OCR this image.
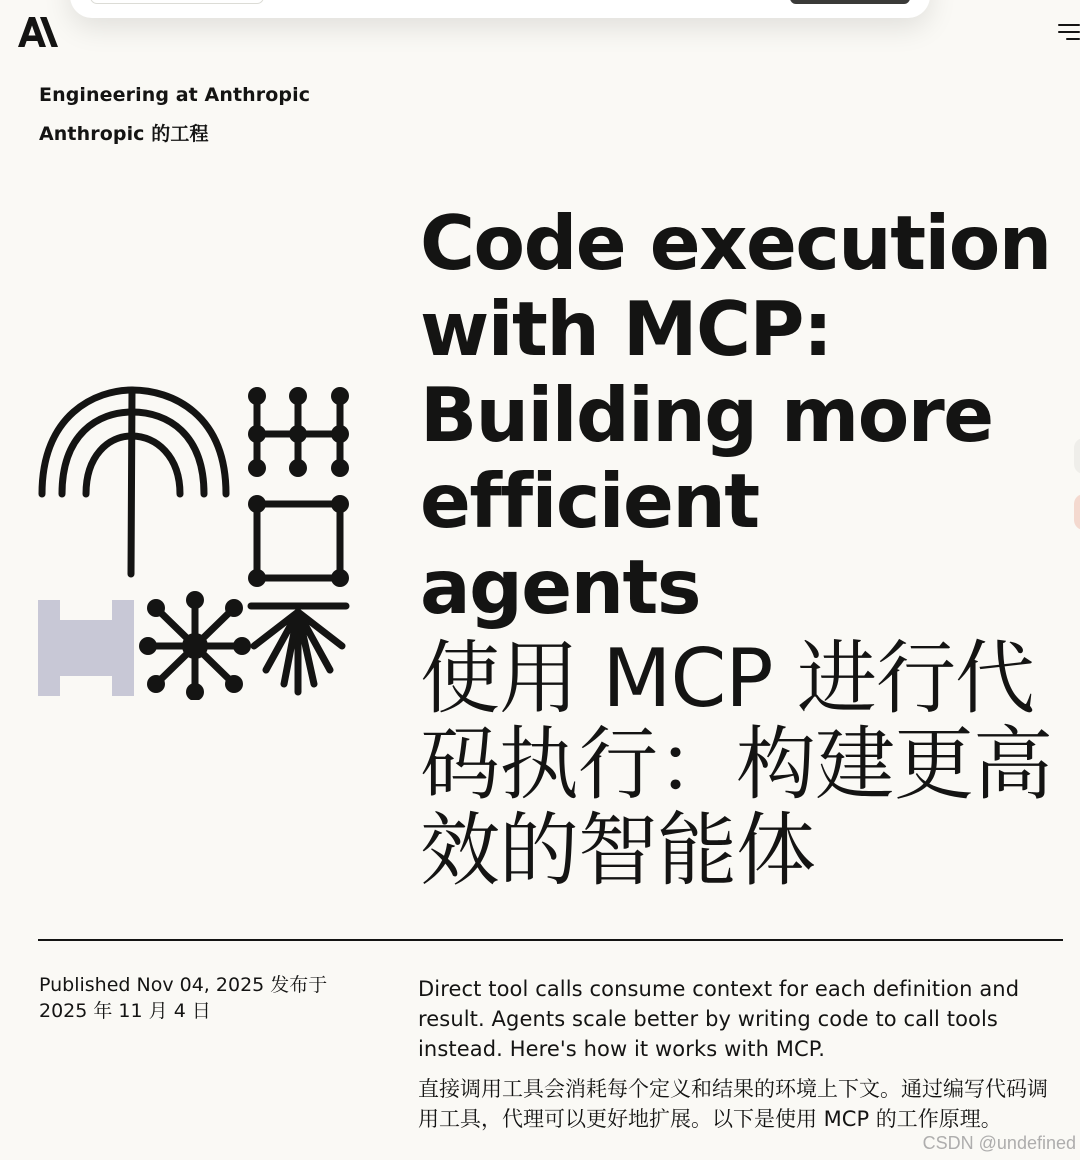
Engineering at Anthropic
Anthropic 的工程
Code execution with MCP: Building more efficient agents
使用 MCP 进行代码执行：构建更高效的智能体
Published Nov 04, 2025 发布于
2025 年 11 月 4 日

Direct tool calls consume context for each definition and result. Agents scale better by writing code to call tools instead. Here's how it works with MCP.

直接调用工具会消耗每个定义和结果的环境上下文。通过编写代码调用工具，代理可以更好地扩展。以下是使用 MCP 的工作原理。

CSDN @undefined
